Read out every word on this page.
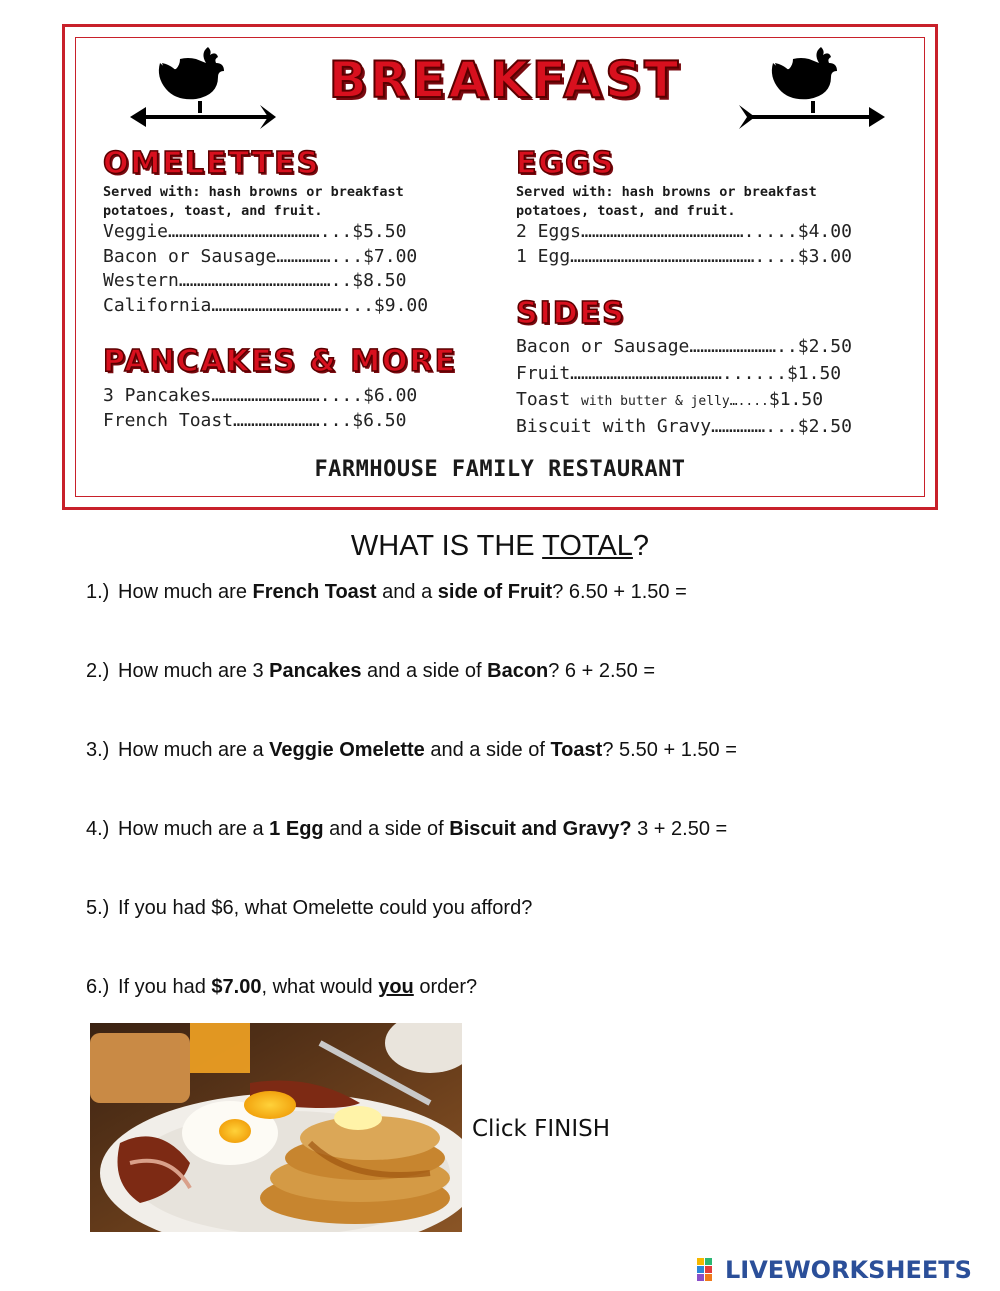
BREAKFAST
OMELETTES
Served with: hash browns or breakfast potatoes, toast, and fruit.
Veggie……………………………………...$5.50
Bacon or Sausage……………...$7.00
Western……………………………………..$8.50
California………………………………...$9.00
PANCAKES & MORE
3 Pancakes…………………………....$6.00
French Toast……………………...$6.50
EGGS
Served with: hash browns or breakfast potatoes, toast, and fruit.
2 Eggs……………………………………….....$4.00
1 Egg……………………………………………....$3.00
SIDES
Bacon or Sausage……………………..$2.50
Fruit……………………………………......$1.50
Toast with butter & jelly…....$1.50
Biscuit with Gravy……………...$2.50
FARMHOUSE FAMILY RESTAURANT
WHAT IS THE TOTAL?
1.) How much are French Toast and a side of Fruit? 6.50 + 1.50 =
2.) How much are 3 Pancakes and a side of Bacon? 6 + 2.50 =
3.) How much are a Veggie Omelette and a side of Toast? 5.50 + 1.50 =
4.) How much are a 1 Egg and a side of Biscuit and Gravy? 3 + 2.50 =
5.) If you had $6, what Omelette could you afford?
6.) If you had $7.00, what would you order?
Click FINISH
LIVEWORKSHEETS
